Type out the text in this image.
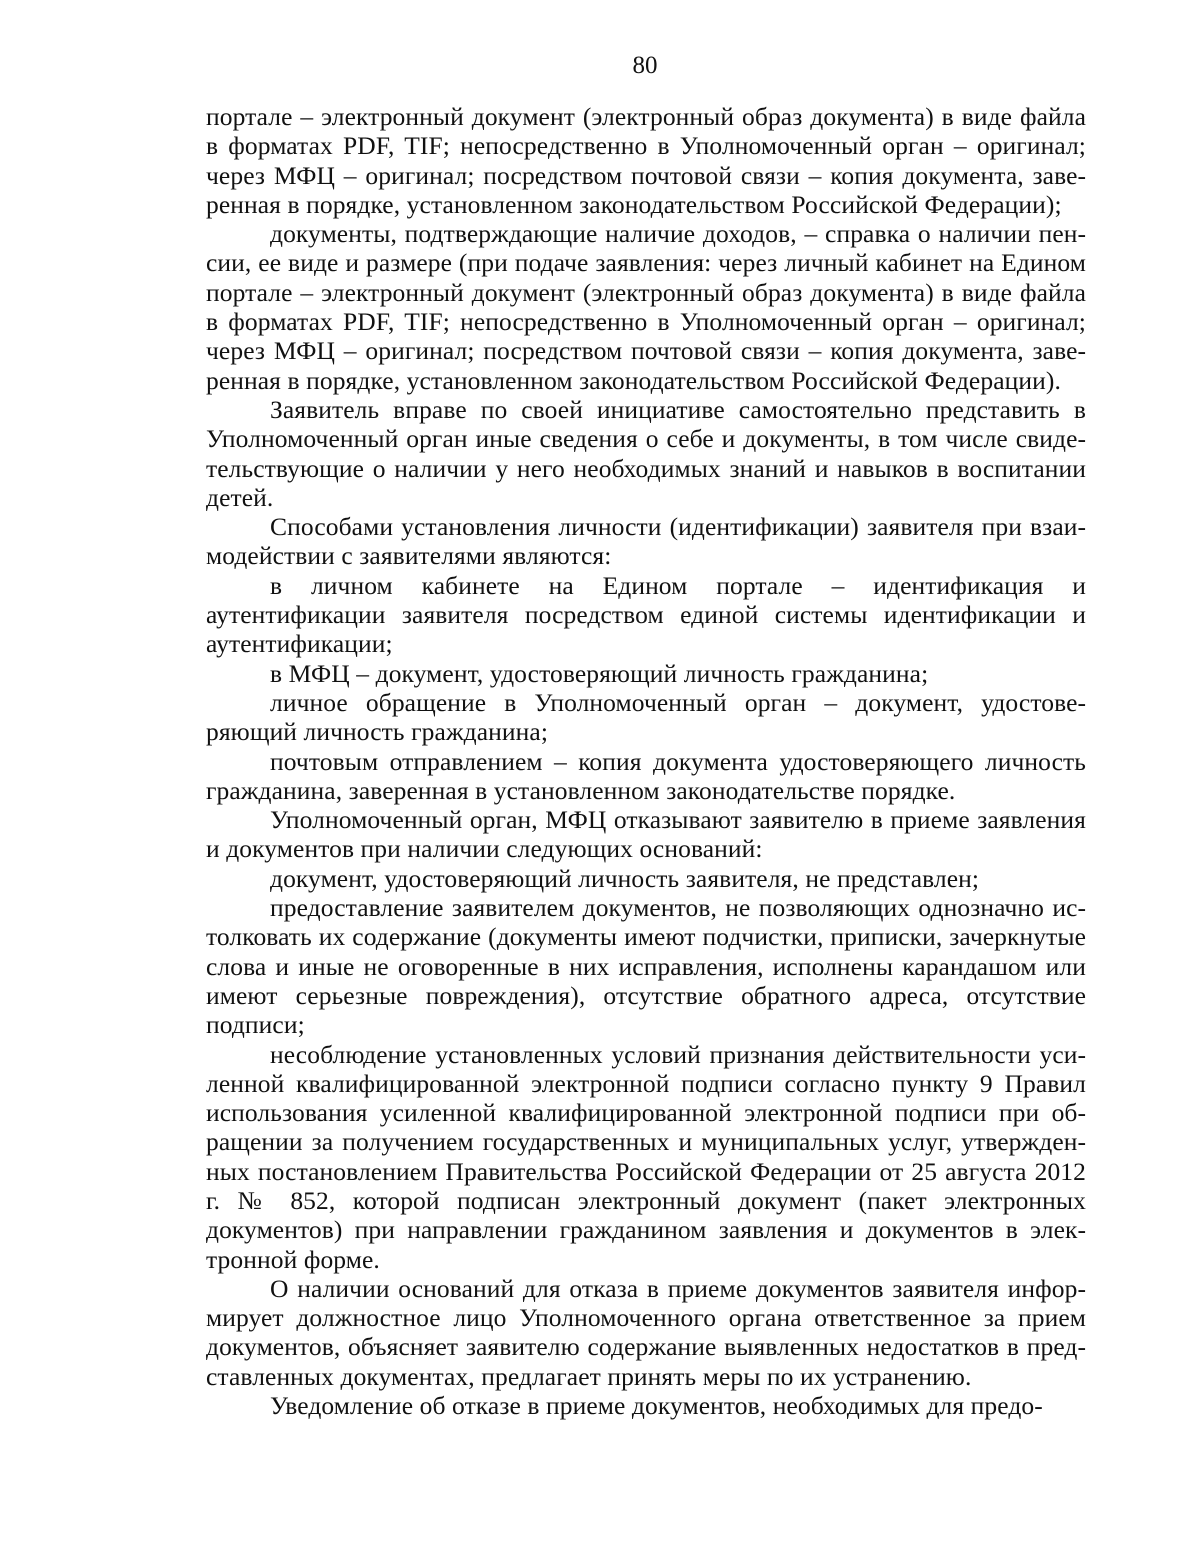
80

портале – электронный документ (электронный образ документа) в виде файла в форматах PDF, TIF; непосредственно в Уполномоченный орган – оригинал; через МФЦ – оригинал; посредством почтовой связи – копия документа, заверенная в порядке, установленном законодательством Российской Федерации);

документы, подтверждающие наличие доходов, – справка о наличии пенсии, ее виде и размере (при подаче заявления: через личный кабинет на Едином портале – электронный документ (электронный образ документа) в виде файла в форматах PDF, TIF; непосредственно в Уполномоченный орган – оригинал; через МФЦ – оригинал; посредством почтовой связи – копия документа, заверенная в порядке, установленном законодательством Российской Федерации).

Заявитель вправе по своей инициативе самостоятельно представить в Уполномоченный орган иные сведения о себе и документы, в том числе свидетельствующие о наличии у него необходимых знаний и навыков в воспитании детей.

Способами установления личности (идентификации) заявителя при взаимодействии с заявителями являются:

в личном кабинете на Едином портале – идентификация и аутентификации заявителя посредством единой системы идентификации и аутентификации;

в МФЦ – документ, удостоверяющий личность гражданина;

личное обращение в Уполномоченный орган – документ, удостоверяющий личность гражданина;

почтовым отправлением – копия документа удостоверяющего личность гражданина, заверенная в установленном законодательстве порядке.

Уполномоченный орган, МФЦ отказывают заявителю в приеме заявления и документов при наличии следующих оснований:

документ, удостоверяющий личность заявителя, не представлен;

предоставление заявителем документов, не позволяющих однозначно истолковать их содержание (документы имеют подчистки, приписки, зачеркнутые слова и иные не оговоренные в них исправления, исполнены карандашом или имеют серьезные повреждения), отсутствие обратного адреса, отсутствие подписи;

несоблюдение установленных условий признания действительности усиленной квалифицированной электронной подписи согласно пункту 9 Правил использования усиленной квалифицированной электронной подписи при обращении за получением государственных и муниципальных услуг, утвержденных постановлением Правительства Российской Федерации от 25 августа 2012 г. № 852, которой подписан электронный документ (пакет электронных документов) при направлении гражданином заявления и документов в электронной форме.

О наличии оснований для отказа в приеме документов заявителя информирует должностное лицо Уполномоченного органа ответственное за прием документов, объясняет заявителю содержание выявленных недостатков в представленных документах, предлагает принять меры по их устранению.

Уведомление об отказе в приеме документов, необходимых для предо-
